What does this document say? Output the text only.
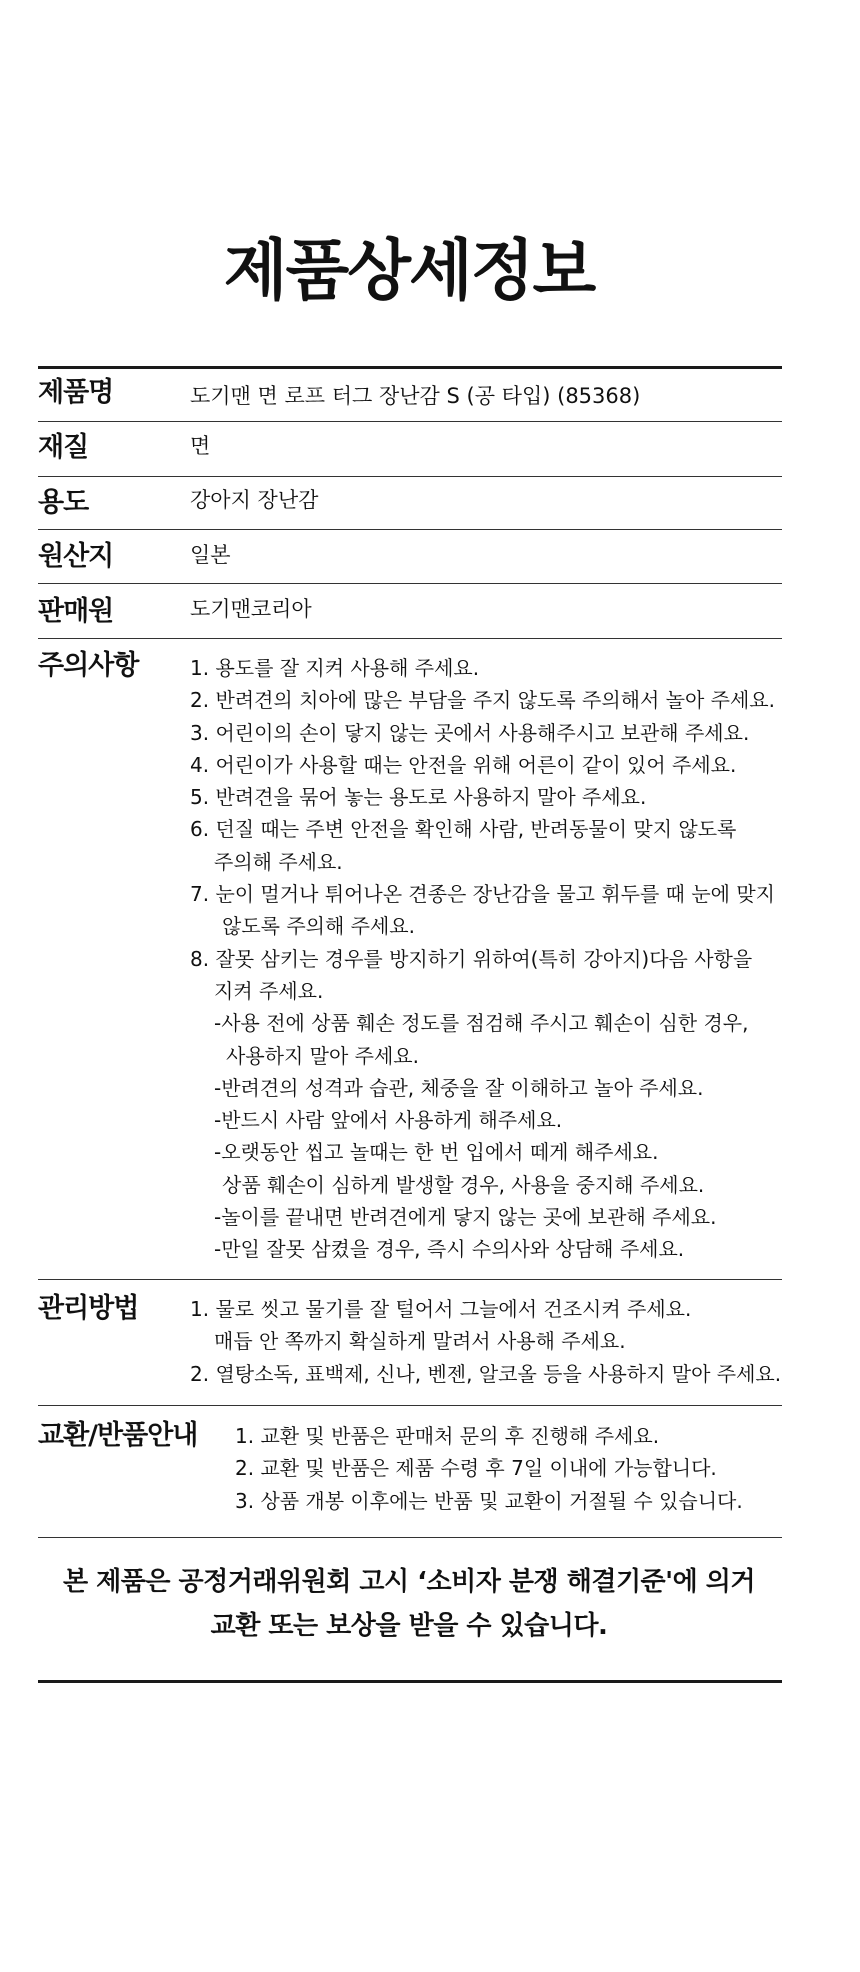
제품상세정보
제품명	도기맨 면 로프 터그 장난감 S (공 타입) (85368)
재질	면
용도	강아지 장난감
원산지	일본
판매원	도기맨코리아
주의사항	1. 용도를 잘 지켜 사용해 주세요.
2. 반려견의 치아에 많은 부담을 주지 않도록 주의해서 놀아 주세요.
3. 어린이의 손이 닿지 않는 곳에서 사용해주시고 보관해 주세요.
4. 어린이가 사용할 때는 안전을 위해 어른이 같이 있어 주세요.
5. 반려견을 묶어 놓는 용도로 사용하지 말아 주세요.
6. 던질 때는 주변 안전을 확인해 사람, 반려동물이 맞지 않도록
주의해 주세요.
7. 눈이 멀거나 튀어나온 견종은 장난감을 물고 휘두를 때 눈에 맞지
않도록 주의해 주세요.
8. 잘못 삼키는 경우를 방지하기 위하여(특히 강아지)다음 사항을
지켜 주세요.
-사용 전에 상품 훼손 정도를 점검해 주시고 훼손이 심한 경우,
사용하지 말아 주세요.
-반려견의 성격과 습관, 체중을 잘 이해하고 놀아 주세요.
-반드시 사람 앞에서 사용하게 해주세요.
-오랫동안 씹고 놀때는 한 번 입에서 떼게 해주세요.
상품 훼손이 심하게 발생할 경우, 사용을 중지해 주세요.
-놀이를 끝내면 반려견에게 닿지 않는 곳에 보관해 주세요.
-만일 잘못 삼켰을 경우, 즉시 수의사와 상담해 주세요.
관리방법	1. 물로 씻고 물기를 잘 털어서 그늘에서 건조시켜 주세요.
매듭 안 쪽까지 확실하게 말려서 사용해 주세요.
2. 열탕소독, 표백제, 신나, 벤젠, 알코올 등을 사용하지 말아 주세요.
교환/반품안내 1. 교환 및 반품은 판매처 문의 후 진행해 주세요.
2. 교환 및 반품은 제품 수령 후 7일 이내에 가능합니다.
3. 상품 개봉 이후에는 반품 및 교환이 거절될 수 있습니다.
본 제품은 공정거래위원회 고시 ‘소비자 분쟁 해결기준'에 의거
교환 또는 보상을 받을 수 있습니다.
